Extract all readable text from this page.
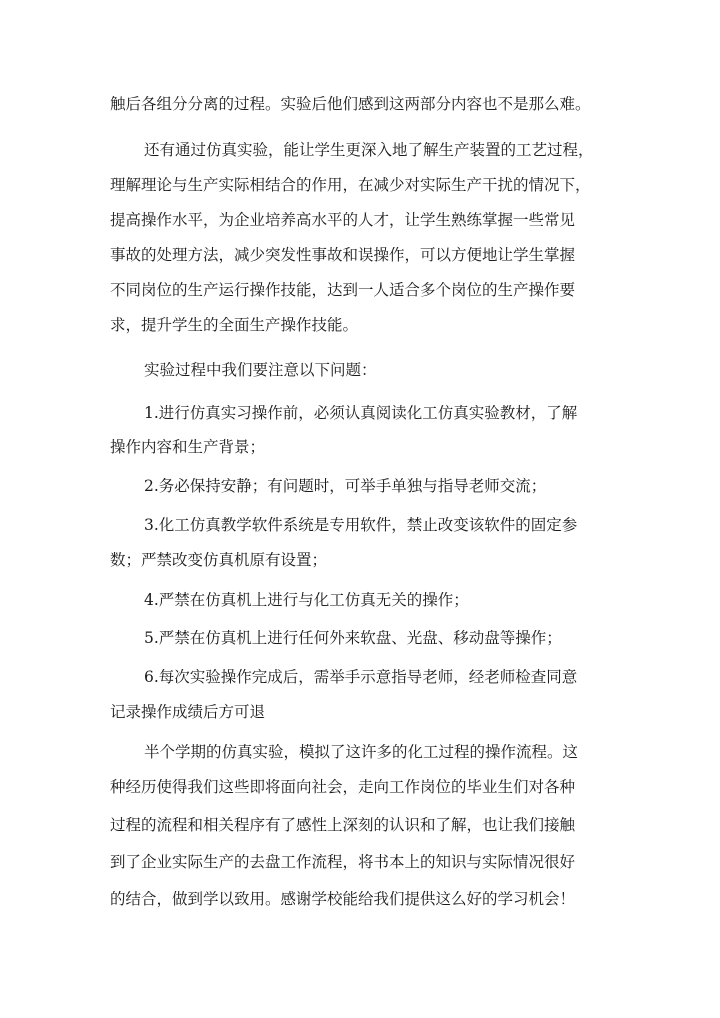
触后各组分分离的过程。实验后他们感到这两部分内容也不是那么难。
还有通过仿真实验，能让学生更深入地了解生产装置的工艺过程，
理解理论与生产实际相结合的作用，在减少对实际生产干扰的情况下，
提高操作水平，为企业培养高水平的人才，让学生熟练掌握一些常见
事故的处理方法，减少突发性事故和误操作，可以方便地让学生掌握
不同岗位的生产运行操作技能，达到一人适合多个岗位的生产操作要
求，提升学生的全面生产操作技能。
实验过程中我们要注意以下问题：
1.进行仿真实习操作前，必须认真阅读化工仿真实验教材，了解
操作内容和生产背景；
2.务必保持安静；有问题时，可举手单独与指导老师交流；
3.化工仿真教学软件系统是专用软件，禁止改变该软件的固定参
数；严禁改变仿真机原有设置；
4.严禁在仿真机上进行与化工仿真无关的操作；
5.严禁在仿真机上进行任何外来软盘、光盘、移动盘等操作；
6.每次实验操作完成后，需举手示意指导老师，经老师检查同意
记录操作成绩后方可退
半个学期的仿真实验，模拟了这许多的化工过程的操作流程。这
种经历使得我们这些即将面向社会，走向工作岗位的毕业生们对各种
过程的流程和相关程序有了感性上深刻的认识和了解，也让我们接触
到了企业实际生产的去盘工作流程，将书本上的知识与实际情况很好
的结合，做到学以致用。感谢学校能给我们提供这么好的学习机会！
